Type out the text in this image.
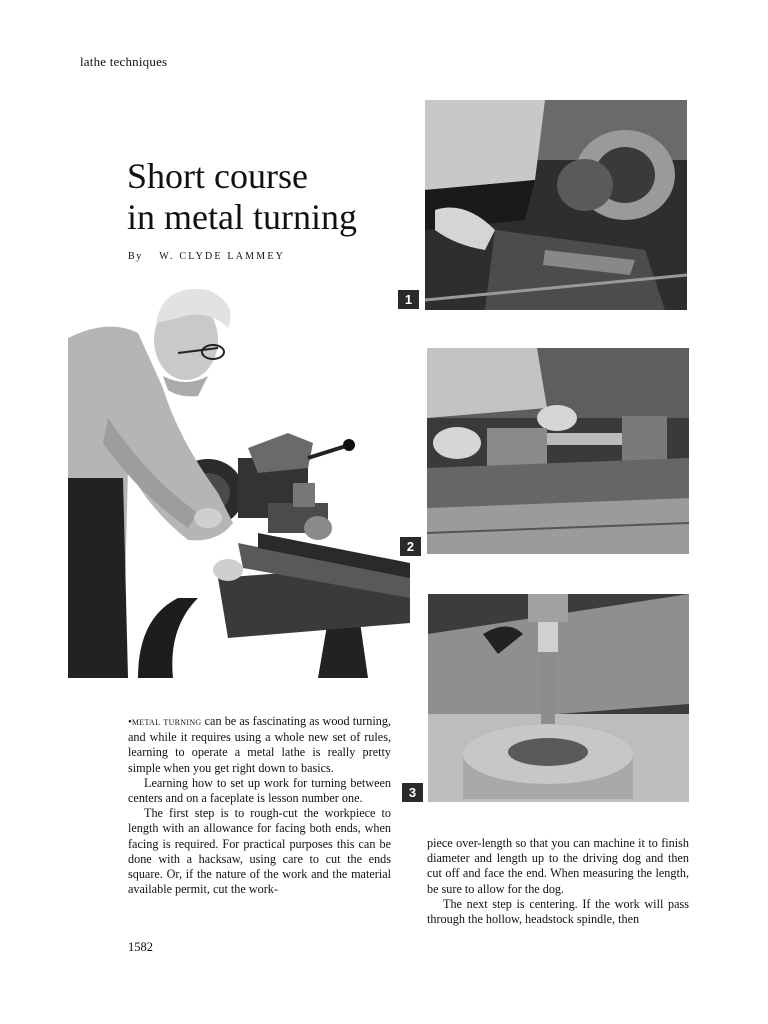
lathe techniques
Short course
in metal turning
By W. CLYDE LAMMEY
1
2
3

•metal turning can be as fascinating as wood turning, and while it requires using a whole new set of rules, learning to operate a metal lathe is really pretty simple when you get right down to basics.

Learning how to set up work for turning between centers and on a faceplate is lesson number one.

The first step is to rough-cut the workpiece to length with an allowance for facing both ends, when facing is required. For practical purposes this can be done with a hacksaw, using care to cut the ends square. Or, if the nature of the work and the material available permit, cut the work-

piece over-length so that you can machine it to finish diameter and length up to the driving dog and then cut off and face the end. When measuring the length, be sure to allow for the dog.

The next step is centering. If the work will pass through the hollow, headstock spindle, then

1582
